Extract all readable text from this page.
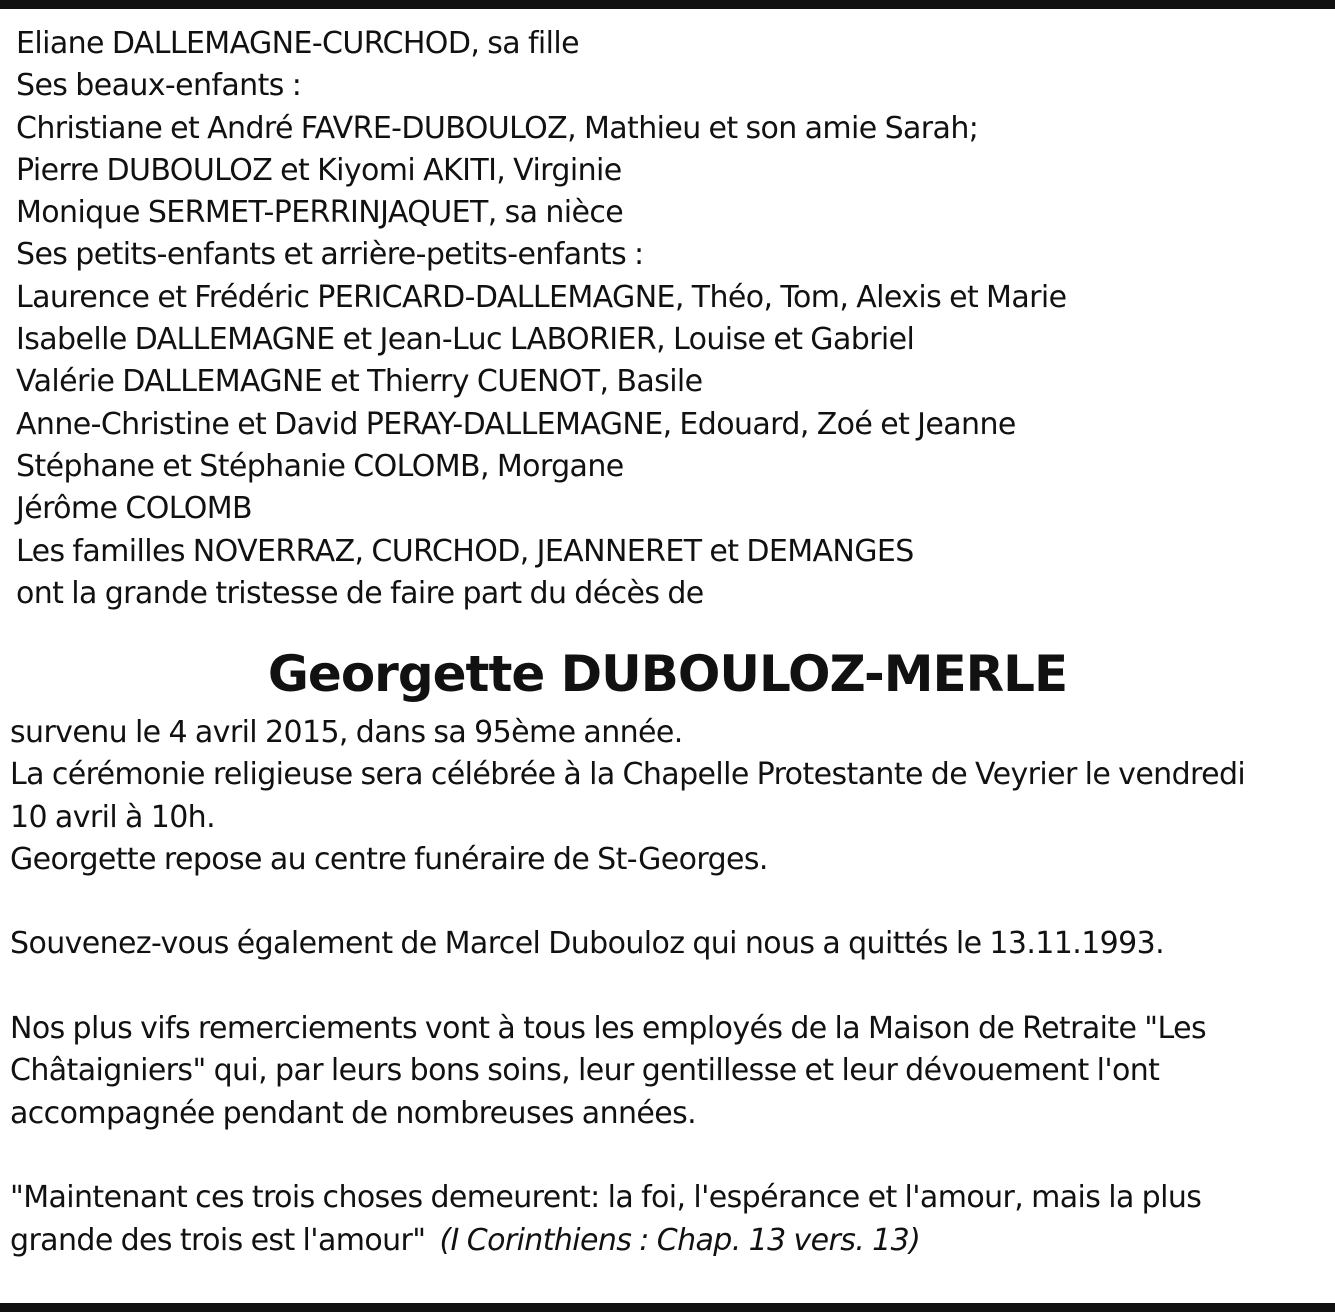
Eliane DALLEMAGNE-CURCHOD, sa fille
Ses beaux-enfants :
Christiane et André FAVRE-DUBOULOZ, Mathieu et son amie Sarah;
Pierre DUBOULOZ et Kiyomi AKITI, Virginie
Monique SERMET-PERRINJAQUET, sa nièce
Ses petits-enfants et arrière-petits-enfants :
Laurence et Frédéric PERICARD-DALLEMAGNE, Théo, Tom, Alexis et Marie
Isabelle DALLEMAGNE et Jean-Luc LABORIER, Louise et Gabriel
Valérie DALLEMAGNE et Thierry CUENOT, Basile
Anne-Christine et David PERAY-DALLEMAGNE, Edouard, Zoé et Jeanne
Stéphane et Stéphanie COLOMB, Morgane
Jérôme COLOMB
Les familles NOVERRAZ, CURCHOD, JEANNERET et DEMANGES
ont la grande tristesse de faire part du décès de
Georgette DUBOULOZ-MERLE
survenu le 4 avril 2015, dans sa 95ème année.
La cérémonie religieuse sera célébrée à la Chapelle Protestante de Veyrier le vendredi
10 avril à 10h.
Georgette repose au centre funéraire de St-Georges.
Souvenez-vous également de Marcel Dubouloz qui nous a quittés le 13.11.1993.
Nos plus vifs remerciements vont à tous les employés de la Maison de Retraite "Les
Châtaigniers" qui, par leurs bons soins, leur gentillesse et leur dévouement l'ont
accompagnée pendant de nombreuses années.
"Maintenant ces trois choses demeurent: la foi, l'espérance et l'amour, mais la plus
grande des trois est l'amour" (I Corinthiens : Chap. 13 vers. 13)
